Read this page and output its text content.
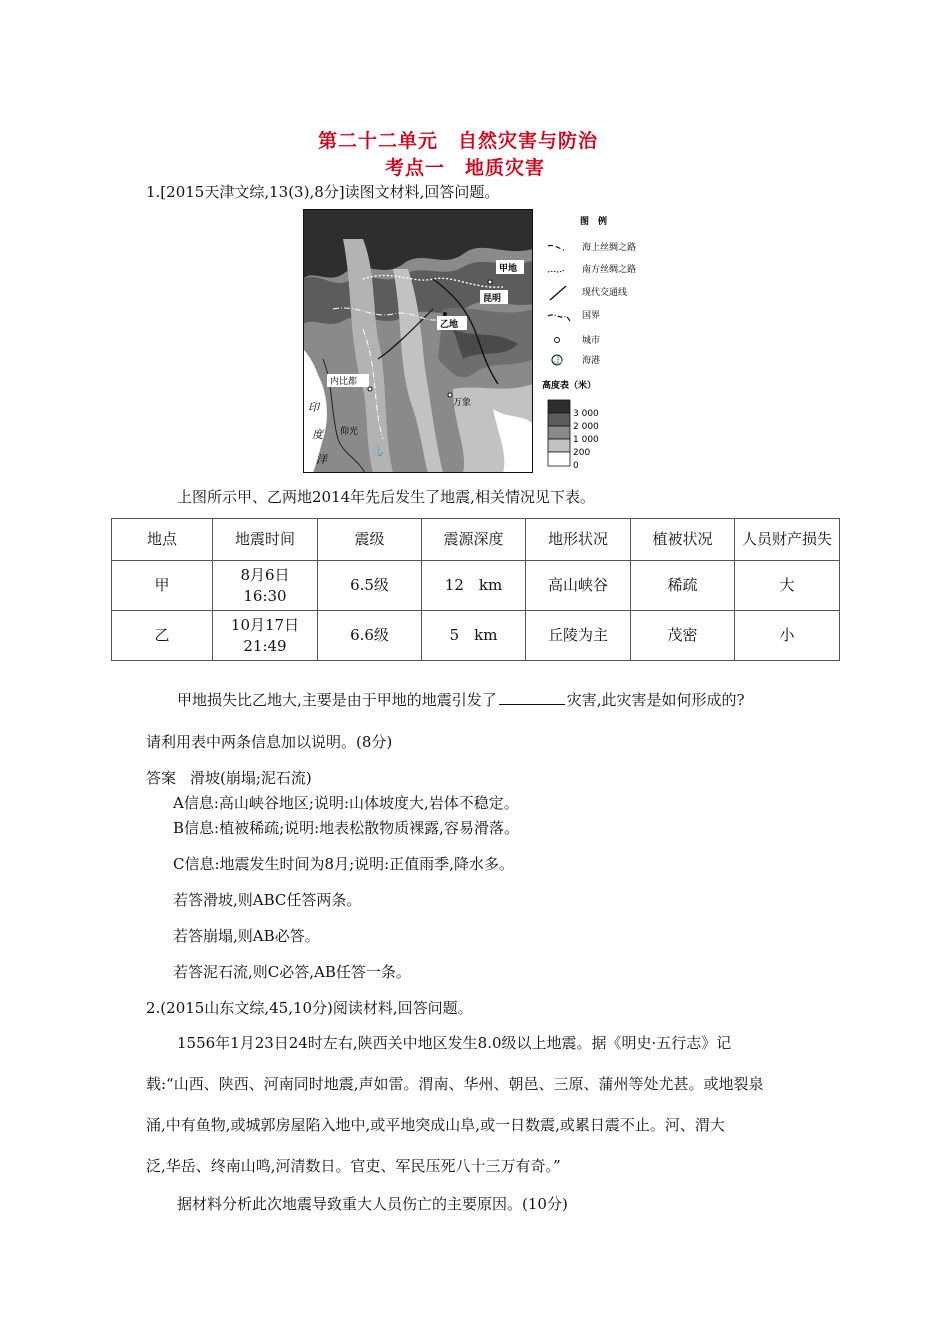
第二十二单元　自然灾害与防治
考点一　地质灾害
1.[2015天津文综,13(3),8分]读图文材料,回答问题。
甲地
昆明
乙地
内比都
仰光
⚓
万象
印
度
洋
图　例
海上丝绸之路
南方丝绸之路
现代交通线
国界
城市
⚓ 海港
高度表（米）
3 000
2 000
1 000
200
0
上图所示甲、乙两地2014年先后发生了地震,相关情况见下表。
地点	地震时间	震级	震源深度	地形状况	植被状况	人员财产损失
甲	8月6日
16:30	6.5级	12　km	高山峡谷	稀疏	大
乙	10月17日
21:49	6.6级	5　km	丘陵为主	茂密	小
甲地损失比乙地大,主要是由于甲地的地震引发了	灾害,此灾害是如何形成的?
请利用表中两条信息加以说明。(8分)
答案 滑坡(崩塌;泥石流)
A信息:高山峡谷地区;说明:山体坡度大,岩体不稳定。
B信息:植被稀疏;说明:地表松散物质裸露,容易滑落。
C信息:地震发生时间为8月;说明:正值雨季,降水多。
若答滑坡,则ABC任答两条。
若答崩塌,则AB必答。
若答泥石流,则C必答,AB任答一条。
2.(2015山东文综,45,10分)阅读材料,回答问题。
1556年1月23日24时左右,陕西关中地区发生8.0级以上地震。据《明史·五行志》记
载:“山西、陕西、河南同时地震,声如雷。渭南、华州、朝邑、三原、蒲州等处尤甚。或地裂泉
涌,中有鱼物,或城郭房屋陷入地中,或平地突成山阜,或一日数震,或累日震不止。河、渭大
泛,华岳、终南山鸣,河清数日。官吏、军民压死八十三万有奇。”
据材料分析此次地震导致重大人员伤亡的主要原因。(10分)
